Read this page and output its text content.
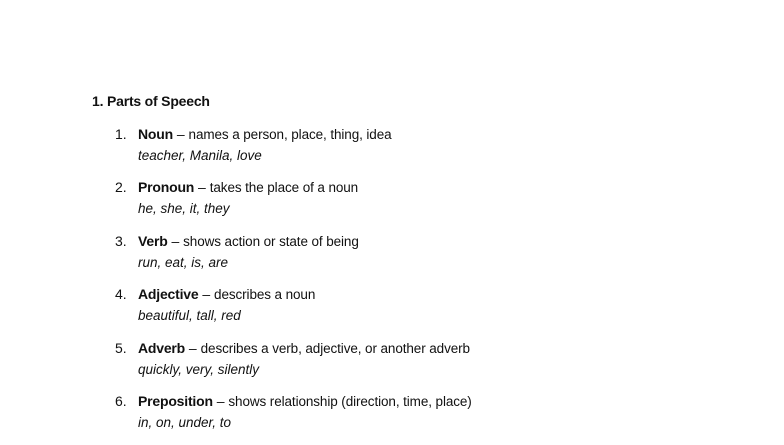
1. Parts of Speech
1. Noun – names a person, place, thing, idea
teacher, Manila, love
2. Pronoun – takes the place of a noun
he, she, it, they
3. Verb – shows action or state of being
run, eat, is, are
4. Adjective – describes a noun
beautiful, tall, red
5. Adverb – describes a verb, adjective, or another adverb
quickly, very, silently
6. Preposition – shows relationship (direction, time, place)
in, on, under, to
